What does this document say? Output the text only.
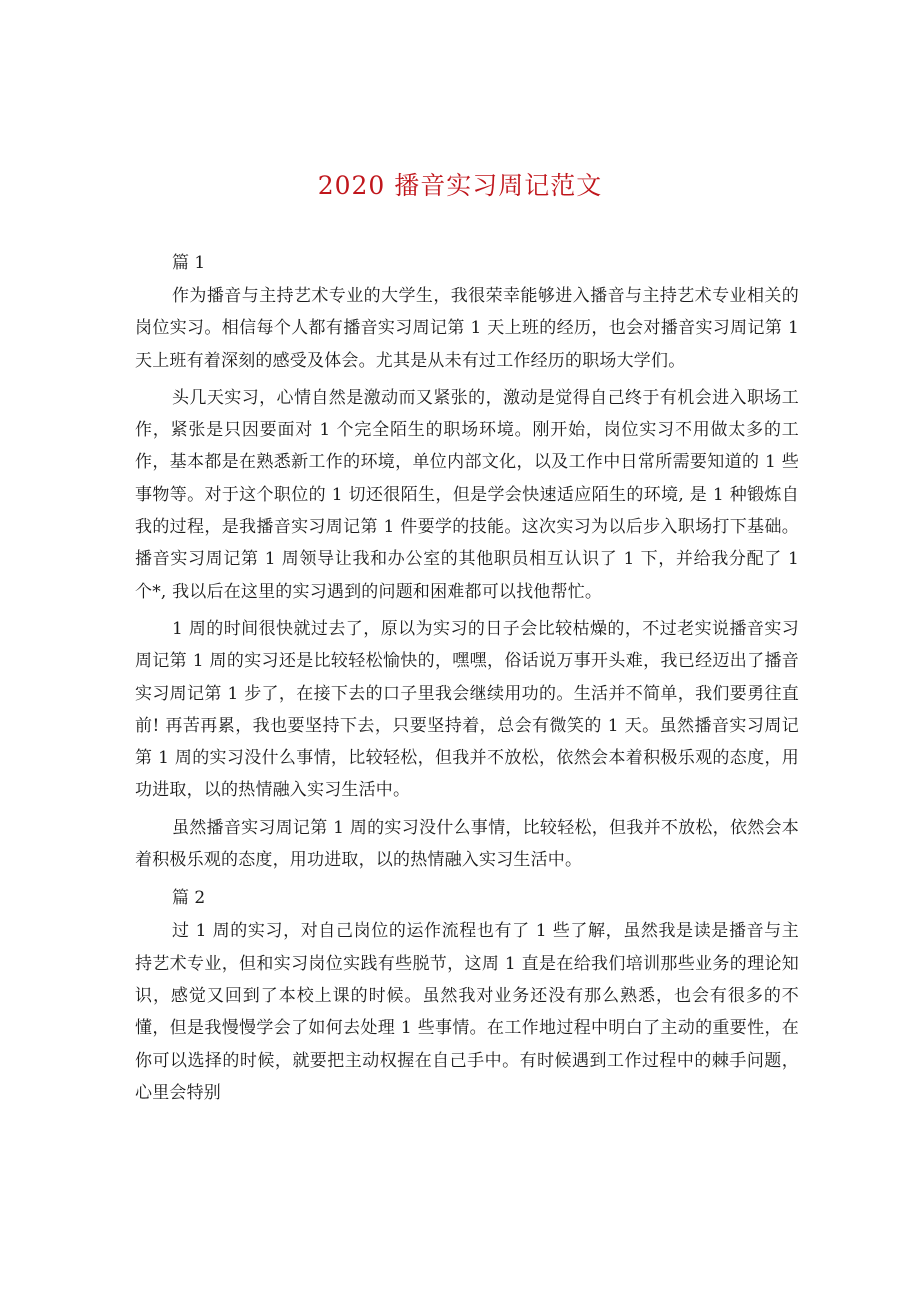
2020 播音实习周记范文

篇 1

作为播音与主持艺术专业的大学生，我很荣幸能够进入播音与主持艺术专业相关的岗位实习。相信每个人都有播音实习周记第 1 天上班的经历，也会对播音实习周记第 1 天上班有着深刻的感受及体会。尤其是从未有过工作经历的职场大学们。

头几天实习，心情自然是激动而又紧张的，激动是觉得自己终于有机会进入职场工作，紧张是只因要面对 1 个完全陌生的职场环境。刚开始，岗位实习不用做太多的工作，基本都是在熟悉新工作的环境，单位内部文化，以及工作中日常所需要知道的 1 些事物等。对于这个职位的 1 切还很陌生，但是学会快速适应陌生的环境, 是 1 种锻炼自我的过程，是我播音实习周记第 1 件要学的技能。这次实习为以后步入职场打下基础。播音实习周记第 1 周领导让我和办公室的其他职员相互认识了 1 下，并给我分配了 1 个*, 我以后在这里的实习遇到的问题和困难都可以找他帮忙。

1 周的时间很快就过去了，原以为实习的日子会比较枯燥的，不过老实说播音实习周记第 1 周的实习还是比较轻松愉快的，嘿嘿，俗话说万事开头难，我已经迈出了播音实习周记第 1 步了，在接下去的口子里我会继续用功的。生活并不简单，我们要勇往直前! 再苦再累，我也要坚持下去，只要坚持着，总会有微笑的 1 天。虽然播音实习周记第 1 周的实习没什么事情，比较轻松，但我并不放松，依然会本着积极乐观的态度，用功进取，以的热情融入实习生活中。

虽然播音实习周记第 1 周的实习没什么事情，比较轻松，但我并不放松，依然会本着积极乐观的态度，用功进取，以的热情融入实习生活中。

篇 2

过 1 周的实习，对自己岗位的运作流程也有了 1 些了解，虽然我是读是播音与主持艺术专业，但和实习岗位实践有些脱节，这周 1 直是在给我们培训那些业务的理论知识，感觉又回到了本校上课的时候。虽然我对业务还没有那么熟悉，也会有很多的不懂，但是我慢慢学会了如何去处理 1 些事情。在工作地过程中明白了主动的重要性，在你可以选择的时候，就要把主动权握在自己手中。有时候遇到工作过程中的棘手问题，心里会特别
